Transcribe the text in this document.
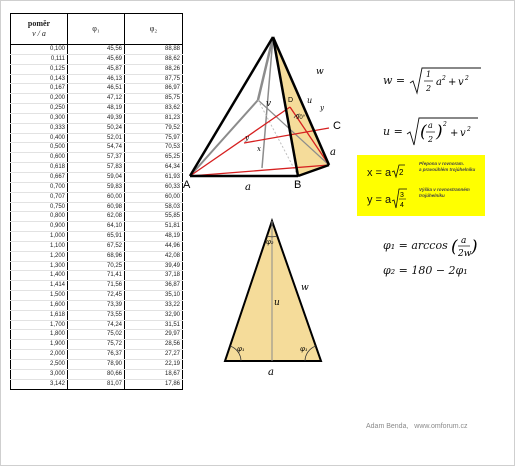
poměr
v / a	φ₁	φ₂
0,100	45,56	88,88
0,111	45,69	88,62
0,125	45,87	88,26
0,143	46,13	87,75
0,167	46,51	86,97
0,200	47,12	85,75
0,250	48,19	83,62
0,300	49,39	81,23
0,333	50,24	79,52
0,400	52,01	75,97
0,500	54,74	70,53
0,600	57,37	65,25
0,618	57,83	64,34
0,667	59,04	61,93
0,700	59,83	60,33
0,707	60,00	60,00
0,750	60,98	58,03
0,800	62,08	55,85
0,900	64,10	51,81
1,000	65,91	48,19
1,100	67,52	44,96
1,200	68,96	42,08
1,300	70,25	39,49
1,400	71,41	37,18
1,414	71,56	36,87
1,500	72,45	35,10
1,600	73,39	33,22
1,618	73,55	32,90
1,700	74,24	31,51
1,800	75,02	29,97
1,900	75,72	28,56
2,000	76,37	27,27
2,500	78,90	22,19
3,000	80,66	18,67
3,142	81,07	17,86
A	B
C
D
a
a
w
v	u
x
y
y
90°
φ₁	φ₁
φ₂
u
w
a
w =	1
2
a 2 + v 2
u = ( a
2 ) 2
+ v 2
x = a 2
Přepona v rovnoram.
a pravoúhlém trojúhelníku
y = a 3
4
Výška v rovnostranném
trojúhelníku
φ₁ = arccos ( a
2w )
φ₂ = 180 − 2φ₁
Adam Benda, www.omforum.cz
